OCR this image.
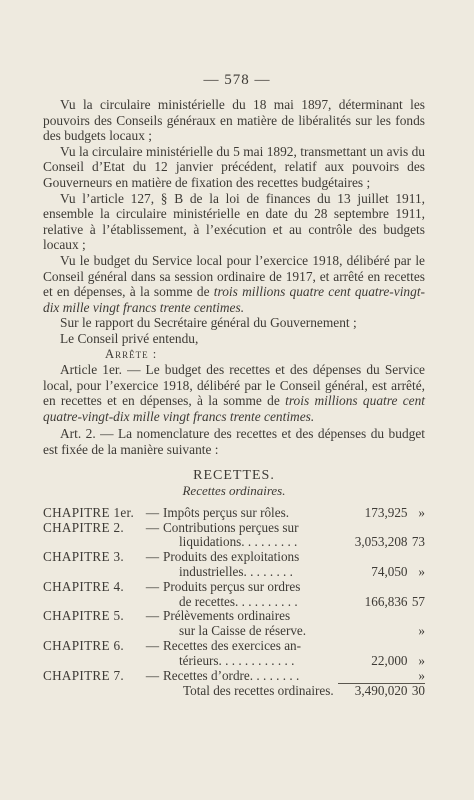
— 578 —

Vu la circulaire ministérielle du 18 mai 1897, déterminant les pouvoirs des Conseils généraux en matière de libéralités sur les fonds des budgets locaux ;

Vu la circulaire ministérielle du 5 mai 1892, transmettant un avis du Conseil d’Etat du 12 janvier précédent, relatif aux pouvoirs des Gouverneurs en matière de fixation des recettes budgétaires ;

Vu l’article 127, § B de la loi de finances du 13 juillet 1911, ensemble la circulaire ministérielle en date du 28 septembre 1911, relative à l’établissement, à l’exécution et au contrôle des budgets locaux ;

Vu le budget du Service local pour l’exercice 1918, délibéré par le Conseil général dans sa session ordinaire de 1917, et arrêté en recettes et en dépenses, à la somme de trois millions quatre cent quatre-vingt-dix mille vingt francs trente centimes.

Sur le rapport du Secrétaire général du Gouvernement ;

Le Conseil privé entendu,

Arrête :

Article 1er. — Le budget des recettes et des dépenses du Service local, pour l’exercice 1918, délibéré par le Conseil général, est arrêté, en recettes et en dépenses, à la somme de trois millions quatre cent quatre-vingt-dix mille vingt francs trente centimes.

Art. 2. — La nomenclature des recettes et des dépenses du budget est fixée de la manière suivante :

RECETTES.
Recettes ordinaires.
CHAPITRE 1er.	—	Impôts perçus sur rôles.	173,925	»
CHAPITRE 2.	—	Contributions perçues sur		
		liquidations. . . . . . . . .	3,053,208	73
CHAPITRE 3.	—	Produits des exploitations		
		industrielles. . . . . . . .	74,050	»
CHAPITRE 4.	—	Produits perçus sur ordres		
		de recettes. . . . . . . . . .	166,836	57
CHAPITRE 5.	—	Prélèvements ordinaires		
		sur la Caisse de réserve.		»
CHAPITRE 6.	—	Recettes des exercices an-		
		térieurs. . . . . . . . . . . .	22,000	»
CHAPITRE 7.	—	Recettes d’ordre. . . . . . . .		»
Total des recettes ordinaires.			3,490,020	30
